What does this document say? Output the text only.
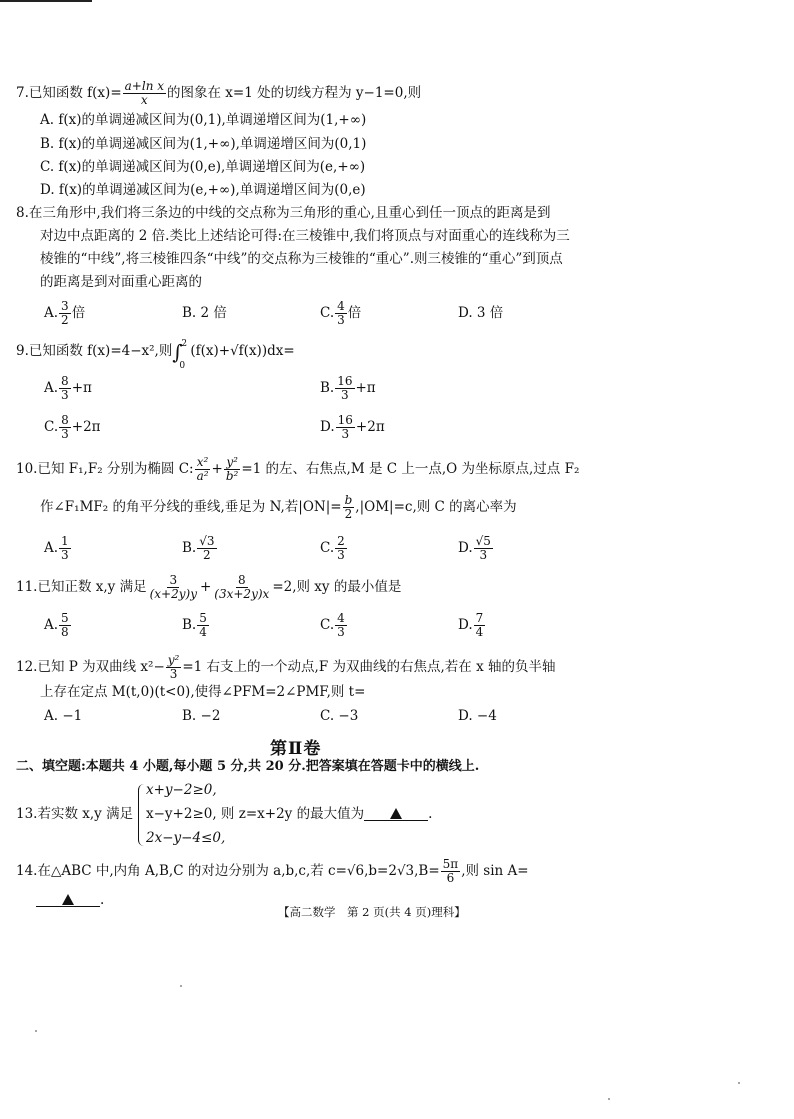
7.已知函数 $f(x)= \frac{\text{a+ln x}}{x}$ 的图象在 x=1 处的切线方程为 y−1=0,则
A. f(x)的单调递减区间为(0,1),单调递增区间为(1,+∞)
B. f(x)的单调递减区间为(1,+∞),单调递增区间为(0,1)
C. f(x)的单调递减区间为(0,e),单调递增区间为(e,+∞)
D. f(x)的单调递减区间为(e,+∞),单调递增区间为(0,e)
8.在三角形中,我们将三条边的中线的交点称为三角形的重心,且重心到任一顶点的距离是到
对边中点距离的 2 倍.类比上述结论可得:在三棱锥中,我们将顶点与对面重心的连线称为三
棱锥的“中线”,将三棱锥四条“中线”的交点称为三棱锥的“重心”.则三棱锥的“重心”到顶点
的距离是到对面重心距离的
A. $\frac{3}{2}$ 倍	B. 2 倍	C. $\frac{4}{3}$ 倍	D. 3 倍
9.已知函数 f(x)=4−x²,则∫
2
0
(f(x)+√f(x))dx=
A. $\frac{8}{3} +\pi$	B. $\frac{16}{3} +\pi$
C. $\frac{8}{3} +2\pi$	D. $\frac{16}{3} +2\pi$
10.已知 F₁,F₂ 分别为椭圆 C: $\frac{\text{x²}}{\text{a²}} + \frac{\text{y²}}{\text{b²}} =1$ 的左、右焦点,M 是 C 上一点,O 为坐标原点,过点 F₂
作∠F₁MF₂ 的角平分线的垂线,垂足为 N,若$|ON|= \frac{b}{2} ,|OM|=c$,则 C 的离心率为
A. $\frac{1}{3}$	B. $\frac{√3}{2}$	C. $\frac{2}{3}$	D. $\frac{√5}{3}$
11.已知正数 x,y 满足 $\frac{3}{(x+2y)y} + \frac{8}{(3x+2y)x} =2$,则 xy 的最小值是
A. $\frac{5}{8}$	B. $\frac{5}{4}$	C. $\frac{4}{3}$	D. $\frac{7}{4}$
12.已知 P 为双曲线 $x^2- \frac{\text{y²}}{3} =1$ 右支上的一个动点,F 为双曲线的右焦点,若在 x 轴的负半轴
上存在定点 M(t,0)(t<0),使得∠PFM=2∠PMF,则 t=
A. −1	B. −2	C. −3	D. −4
第Ⅱ卷
二、填空题:本题共 4 小题,每小题 5 分,共 20 分.把答案填在答题卡中的横线上.
13.若实数 x,y 满足
x+y−2≥0,
x−y+2≥0, 则 z=x+2y 的最大值为	.
2x−y−4≤0,
14.在△ABC 中,内角 A,B,C 的对边分别为 a,b,c,若 $c=√6,b=2√3,B= \frac{5\pi}{6}$ ,则 sin A=
.
【高二数学　第 2 页(共 4 页)理科】
